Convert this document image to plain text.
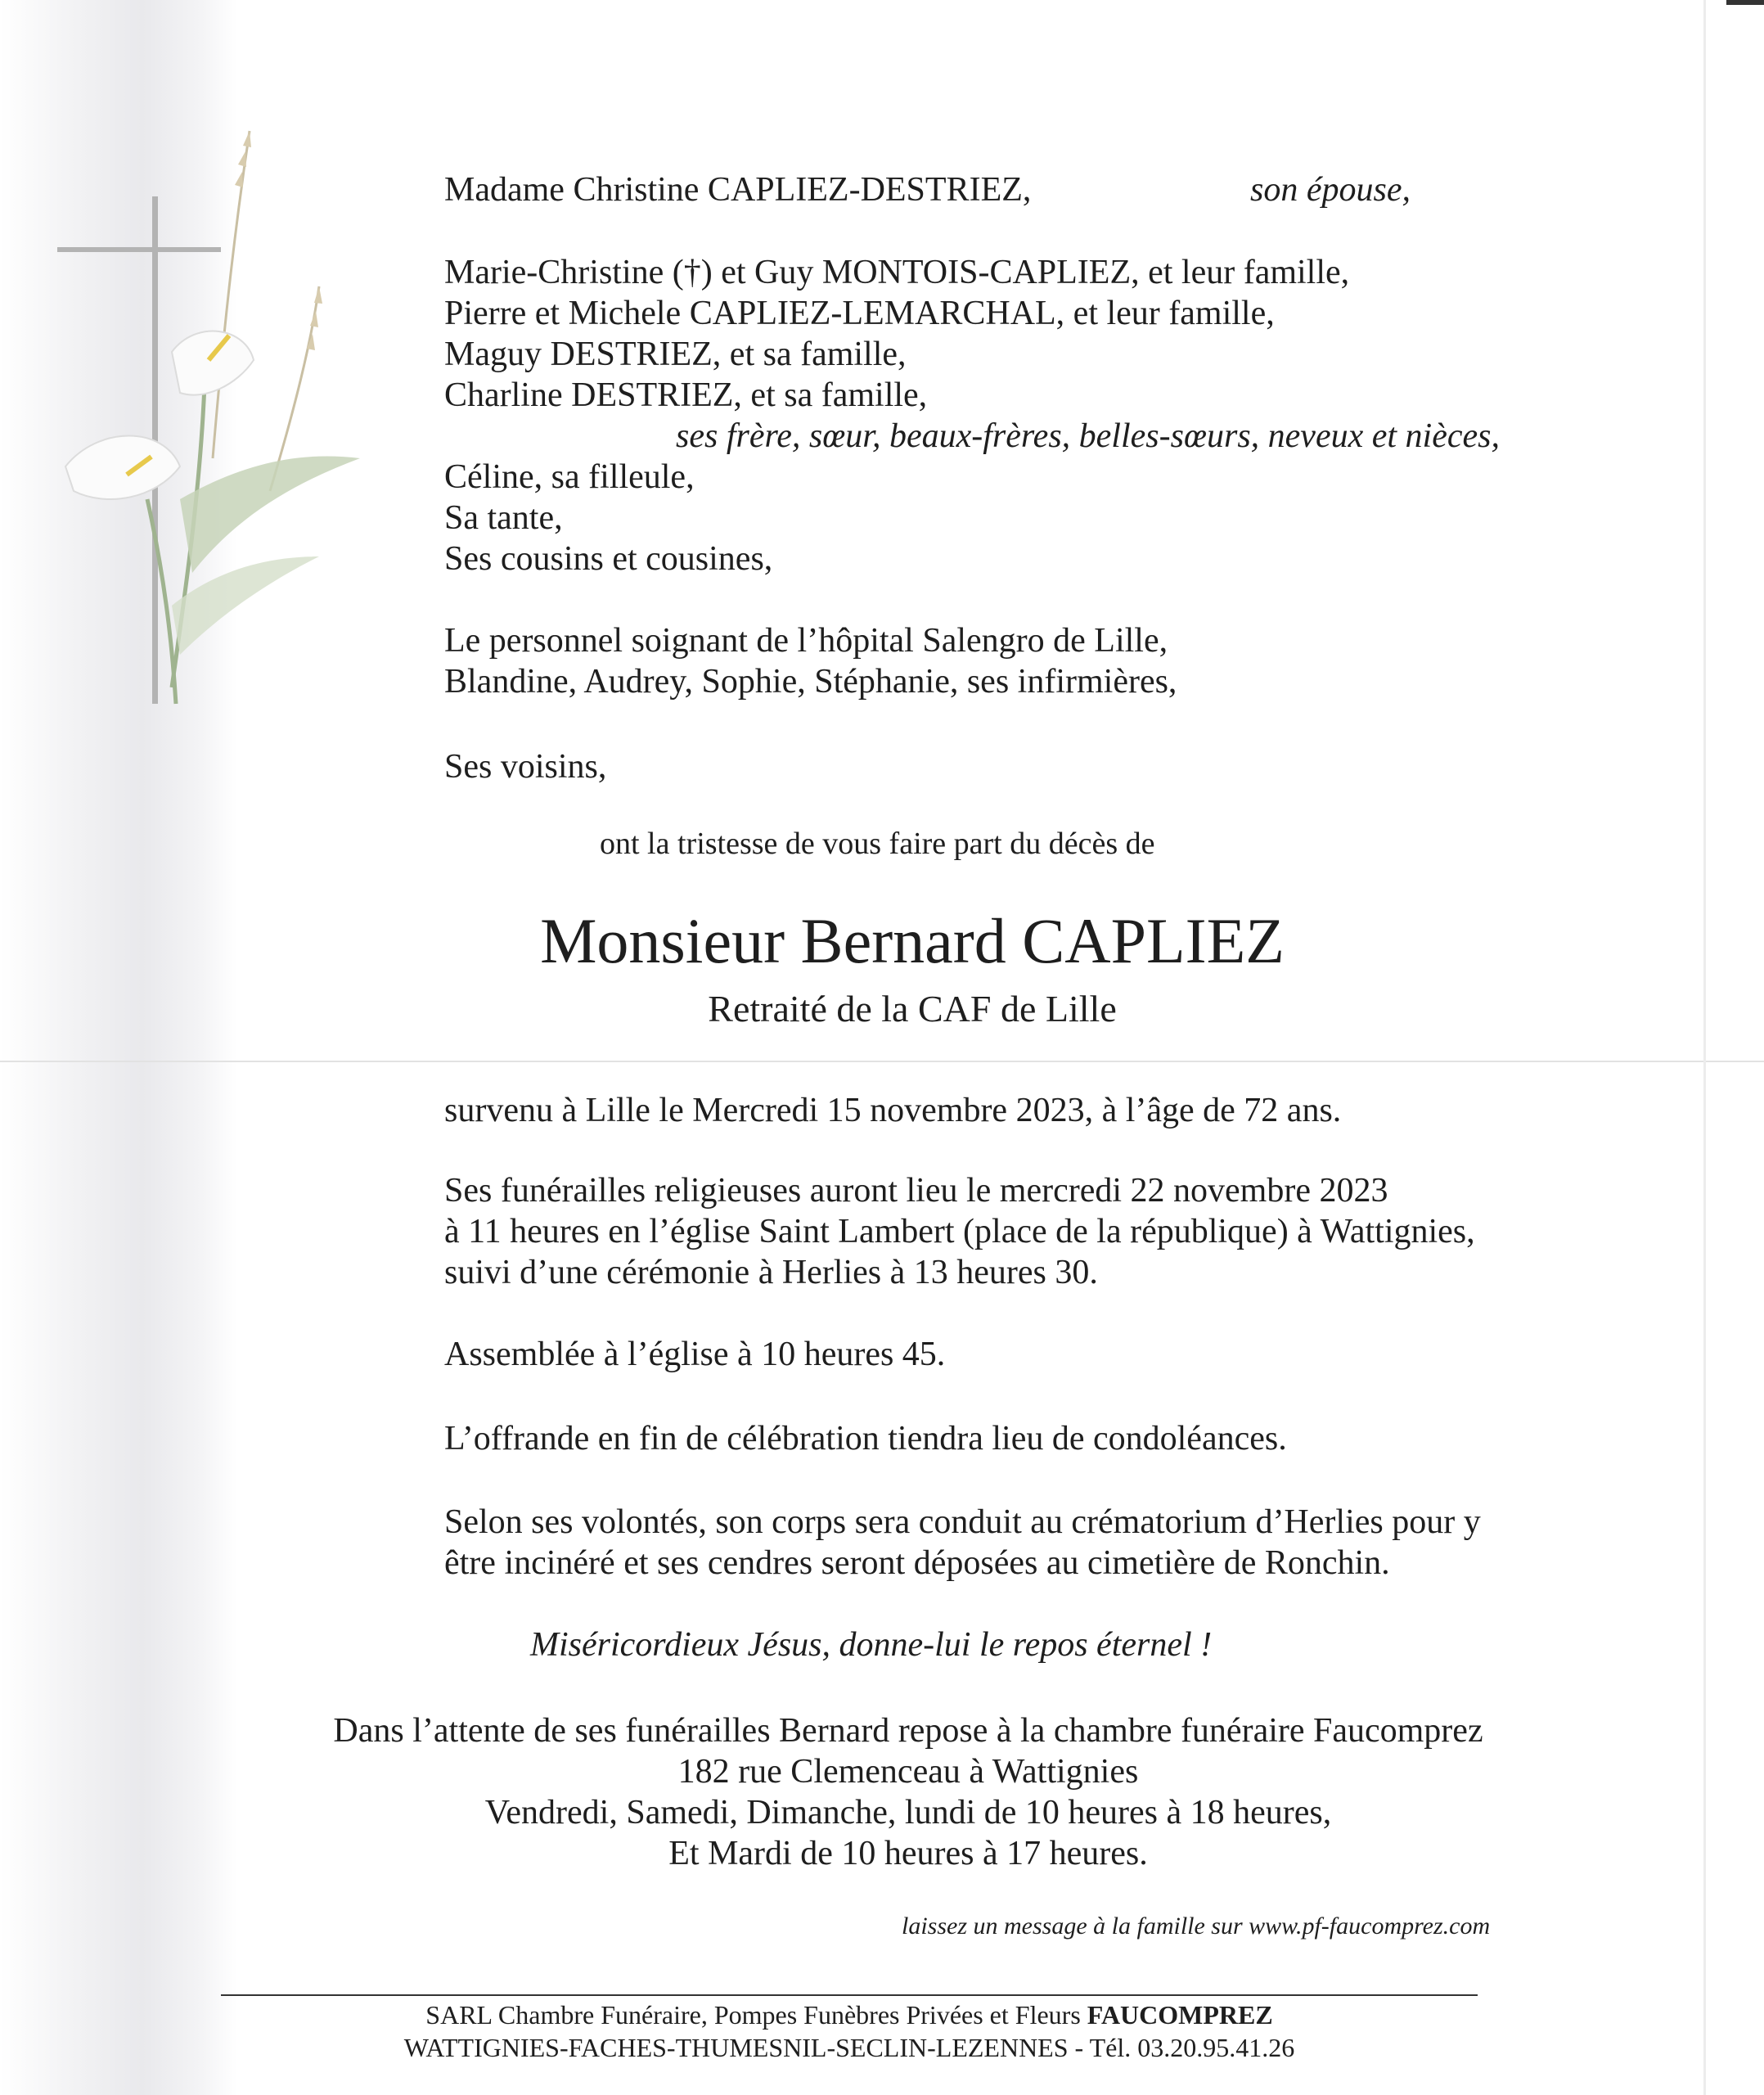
Madame Christine CAPLIEZ-DESTRIEZ,	son épouse,
Marie-Christine (†) et Guy MONTOIS-CAPLIEZ, et leur famille,
Pierre et Michele CAPLIEZ-LEMARCHAL, et leur famille,
Maguy DESTRIEZ, et sa famille,
Charline DESTRIEZ, et sa famille,
ses frère, sœur, beaux-frères, belles-sœurs, neveux et nièces,
Céline, sa filleule,
Sa tante,
Ses cousins et cousines,
Le personnel soignant de l’hôpital Salengro de Lille,
Blandine, Audrey, Sophie, Stéphanie, ses infirmières,
Ses voisins,
ont la tristesse de vous faire part du décès de
Monsieur Bernard CAPLIEZ
Retraité de la CAF de Lille
survenu à Lille le Mercredi 15 novembre 2023, à l’âge de 72 ans.
Ses funérailles religieuses auront lieu le mercredi 22 novembre 2023
à 11 heures en l’église Saint Lambert (place de la république) à Wattignies,
suivi d’une cérémonie à Herlies à 13 heures 30.
Assemblée à l’église à 10 heures 45.
L’offrande en fin de célébration tiendra lieu de condoléances.
Selon ses volontés, son corps sera conduit au crématorium d’Herlies pour y
être incinéré et ses cendres seront déposées au cimetière de Ronchin.
Miséricordieux Jésus, donne-lui le repos éternel !
Dans l’attente de ses funérailles Bernard repose à la chambre funéraire Faucomprez
182 rue Clemenceau à Wattignies
Vendredi, Samedi, Dimanche, lundi de 10 heures à 18 heures,
Et Mardi de 10 heures à 17 heures.
laissez un message à la famille sur www.pf-faucomprez.com
SARL Chambre Funéraire, Pompes Funèbres Privées et Fleurs FAUCOMPREZ
WATTIGNIES-FACHES-THUMESNIL-SECLIN-LEZENNES - Tél. 03.20.95.41.26
